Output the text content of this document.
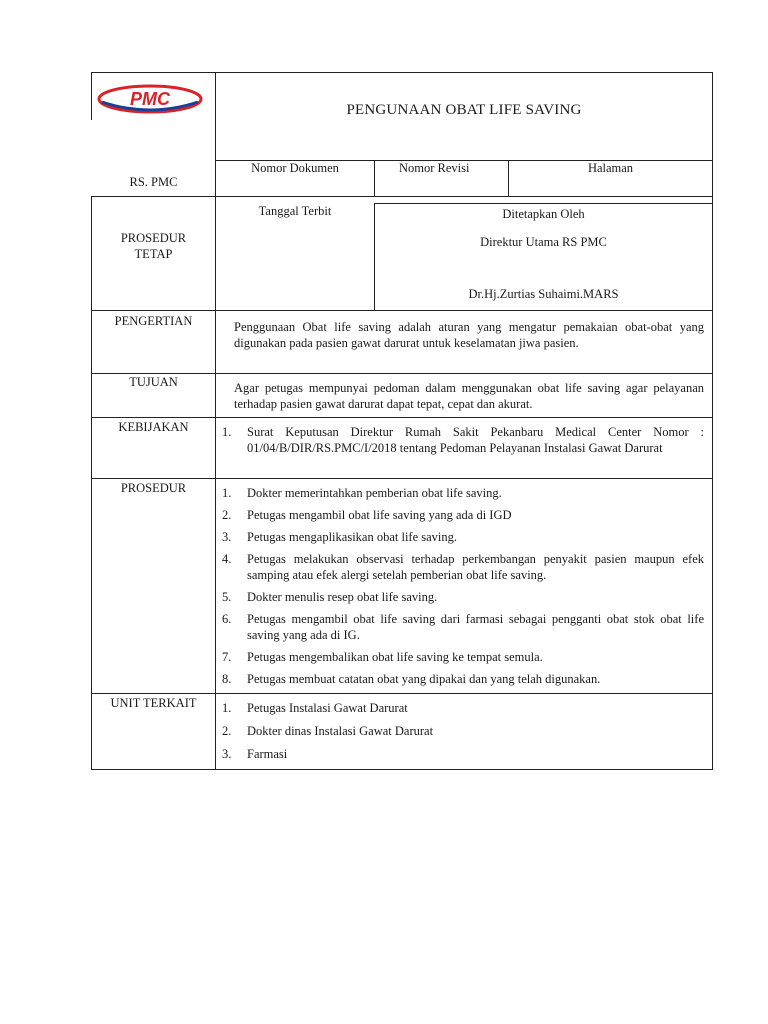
PMC
RS. PMC
PENGUNAAN OBAT LIFE SAVING
Nomor Dokumen	Nomor Revisi	Halaman
PROSEDUR
TETAP
Tanggal Terbit	Ditetapkan Oleh
Direktur Utama RS PMC
Dr.Hj.Zurtias Suhaimi.MARS
PENGERTIAN	Penggunaan Obat life saving adalah aturan yang mengatur pemakaian obat-obat yang digunakan pada pasien gawat darurat untuk keselamatan jiwa pasien.
TUJUAN	Agar petugas mempunyai pedoman dalam menggunakan obat life saving agar pelayanan terhadap pasien gawat darurat dapat tepat, cepat dan akurat.
KEBIJAKAN	1.	Surat Keputusan Direktur Rumah Sakit Pekanbaru Medical Center Nomor : 01/04/B/DIR/RS.PMC/I/2018 tentang Pedoman Pelayanan Instalasi Gawat Darurat
PROSEDUR	1.	Dokter memerintahkan pemberian obat life saving.
2.	Petugas mengambil obat life saving yang ada di IGD
3.	Petugas mengaplikasikan obat life saving.
4.	Petugas melakukan observasi terhadap perkembangan penyakit pasien maupun efek samping atau efek alergi setelah pemberian obat life saving.
5.	Dokter menulis resep obat life saving.
6.	Petugas mengambil obat life saving dari farmasi sebagai pengganti obat stok obat life saving yang ada di IG.
7.	Petugas mengembalikan obat life saving ke tempat semula.
8.	Petugas membuat catatan obat yang dipakai dan yang telah digunakan.
UNIT TERKAIT	1.	Petugas Instalasi Gawat Darurat
2.	Dokter dinas Instalasi Gawat Darurat
3.	Farmasi
